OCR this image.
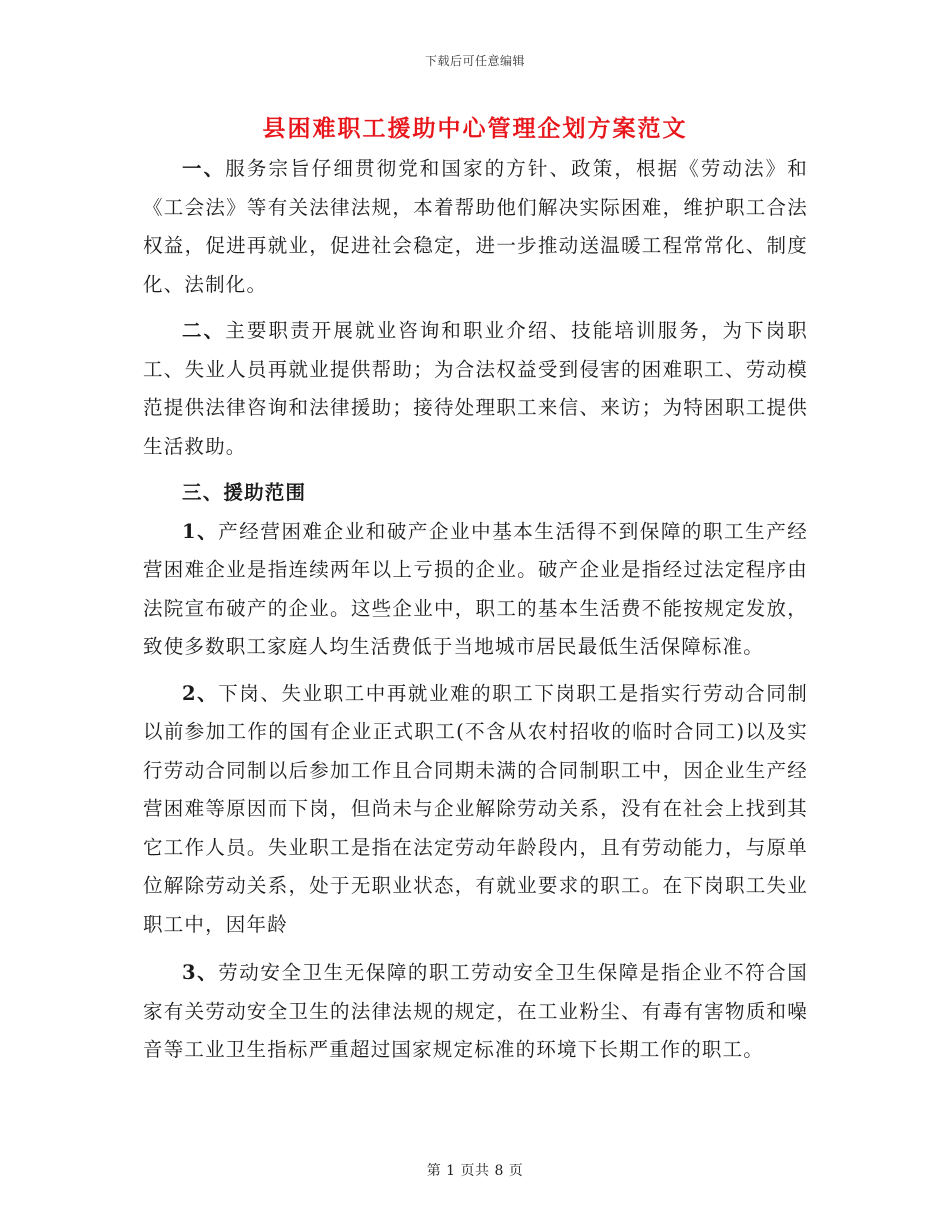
下载后可任意编辑
县困难职工援助中心管理企划方案范文

一、服务宗旨仔细贯彻党和国家的方针、政策，根据《劳动法》和《工会法》等有关法律法规，本着帮助他们解决实际困难，维护职工合法权益，促进再就业，促进社会稳定，进一步推动送温暖工程常常化、制度化、法制化。

二、主要职责开展就业咨询和职业介绍、技能培训服务，为下岗职工、失业人员再就业提供帮助；为合法权益受到侵害的困难职工、劳动模范提供法律咨询和法律援助；接待处理职工来信、来访；为特困职工提供生活救助。

三、援助范围

1、产经营困难企业和破产企业中基本生活得不到保障的职工生产经营困难企业是指连续两年以上亏损的企业。破产企业是指经过法定程序由法院宣布破产的企业。这些企业中，职工的基本生活费不能按规定发放，致使多数职工家庭人均生活费低于当地城市居民最低生活保障标准。

2、下岗、失业职工中再就业难的职工下岗职工是指实行劳动合同制以前参加工作的国有企业正式职工(不含从农村招收的临时合同工)以及实行劳动合同制以后参加工作且合同期未满的合同制职工中，因企业生产经营困难等原因而下岗，但尚未与企业解除劳动关系，没有在社会上找到其它工作人员。失业职工是指在法定劳动年龄段内，且有劳动能力，与原单位解除劳动关系，处于无职业状态，有就业要求的职工。在下岗职工失业职工中，因年龄

3、劳动安全卫生无保障的职工劳动安全卫生保障是指企业不符合国家有关劳动安全卫生的法律法规的规定，在工业粉尘、有毒有害物质和噪音等工业卫生指标严重超过国家规定标准的环境下长期工作的职工。

第 1 页共 8 页
